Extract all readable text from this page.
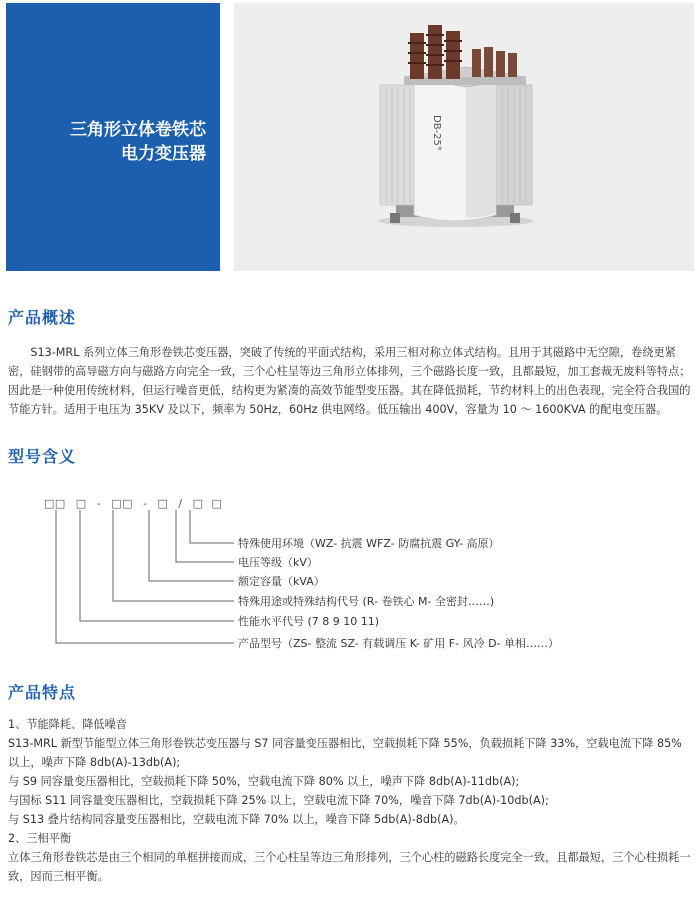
三角形立体卷铁芯
电力变压器
DB-25°
产品概述
S13-MRL 系列立体三角形卷铁芯变压器，突破了传统的平面式结构，采用三相对称立体式结构。且用于其磁路中无空隙，卷绕更紧密，硅钢带的高导磁方向与磁路方向完全一致，三个心柱呈等边三角形立体排列，三个磁路长度一致，且都最短，加工套裁无废料等特点；因此是一种使用传统材料，但运行噪音更低，结构更为紧凑的高效节能型变压器。其在降低损耗，节约材料上的出色表现，完全符合我国的节能方针。适用于电压为 35KV 及以下，频率为 50Hz，60Hz 供电网络。低压输出 400V，容量为 10 ～ 1600KVA 的配电变压器。
型号含义
□□ □ - □□ - □ / □ □
特殊使用环境（WZ- 抗震 WFZ- 防腐抗震 GY- 高原）
电压等级（kV）
额定容量（kVA）
特殊用途或特殊结构代号 (R- 卷铁心 M- 全密封……)
性能水平代号 (7 8 9 10 11)
产品型号（ZS- 整流 SZ- 有载调压 K- 矿用 F- 风冷 D- 单相……）
产品特点

1、节能降耗、降低噪音

S13-MRL 新型节能型立体三角形卷铁芯变压器与 S7 同容量变压器相比，空载损耗下降 55%，负载损耗下降 33%，空载电流下降 85% 以上，噪声下降 8db(A)-13db(A);

与 S9 同容量变压器相比，空载损耗下降 50%，空载电流下降 80% 以上，噪声下降 8db(A)-11db(A);

与国标 S11 同容量变压器相比，空载损耗下降 25% 以上，空载电流下降 70%，噪音下降 7db(A)-10db(A);

与 S13 叠片结构同容量变压器相比，空载电流下降 70% 以上，噪音下降 5db(A)-8db(A)。

2、三相平衡

立体三角形卷铁芯是由三个相同的单框拼接而成，三个心柱呈等边三角形排列，三个心柱的磁路长度完全一致，且都最短，三个心柱损耗一致，因而三相平衡。
